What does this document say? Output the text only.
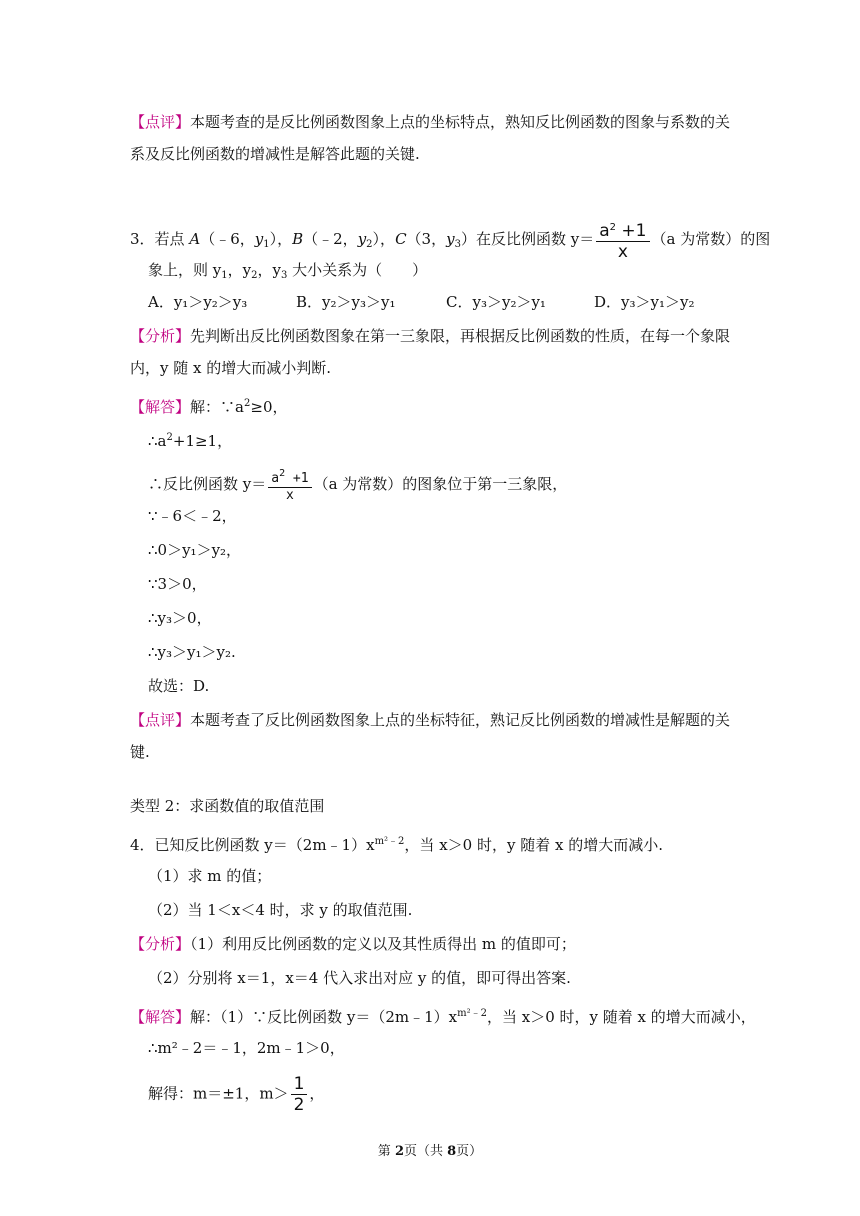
【点评】本题考查的是反比例函数图象上点的坐标特点，熟知反比例函数的图象与系数的关
系及反比例函数的增减性是解答此题的关键.
3．若点 A（﹣6，$y_1$），B（﹣2，$y_2$），C（3，$y_3$）在反比例函数 $y= \frac{a^2 +1}{x} (a$ 为常数）的图
象上，则 $y_1$，$y_2$，$y_3$ 大小关系为（　　）
A．y₁＞y₂＞y₃	B．y₂＞y₃＞y₁	C．y₃＞y₂＞y₁	D．y₃＞y₁＞y₂
【分析】先判断出反比例函数图象在第一三象限，再根据反比例函数的性质，在每一个象限
内，y 随 x 的增大而减小判断.
【解答】解：$\because a^2\ge 0$，
$\therefore a^2+1\ge 1$，
∴反比例函数 $y= \frac{a^2 +1}{x} (a$ 为常数）的图象位于第一三象限，
∵﹣6＜﹣2，
∴0＞y₁＞y₂，
∵3＞0，
∴y₃＞0，
∴y₃＞y₁＞y₂.
故选：D.
【点评】本题考查了反比例函数图象上点的坐标特征，熟记反比例函数的增减性是解题的关
键.
类型 2：求函数值的取值范围
4．已知反比例函数 $y=(2m﹣1)x^{m^2﹣2}$，当 x＞0 时，y 随着 x 的增大而减小.
（1）求 m 的值；
（2）当 1＜x＜4 时，求 y 的取值范围.
【分析】（1）利用反比例函数的定义以及其性质得出 m 的值即可；
（2）分别将 x＝1，x＝4 代入求出对应 y 的值，即可得出答案.
【解答】解：（1）∵反比例函数 $y=(2m﹣1)x^{m^2﹣2}$，当 x＞0 时，y 随着 x 的增大而减小，
∴m²﹣2＝﹣1，2m﹣1＞0，
解得：m＝±1，$m> \frac{1}{2}$ ，
第 2页（共 8页）
